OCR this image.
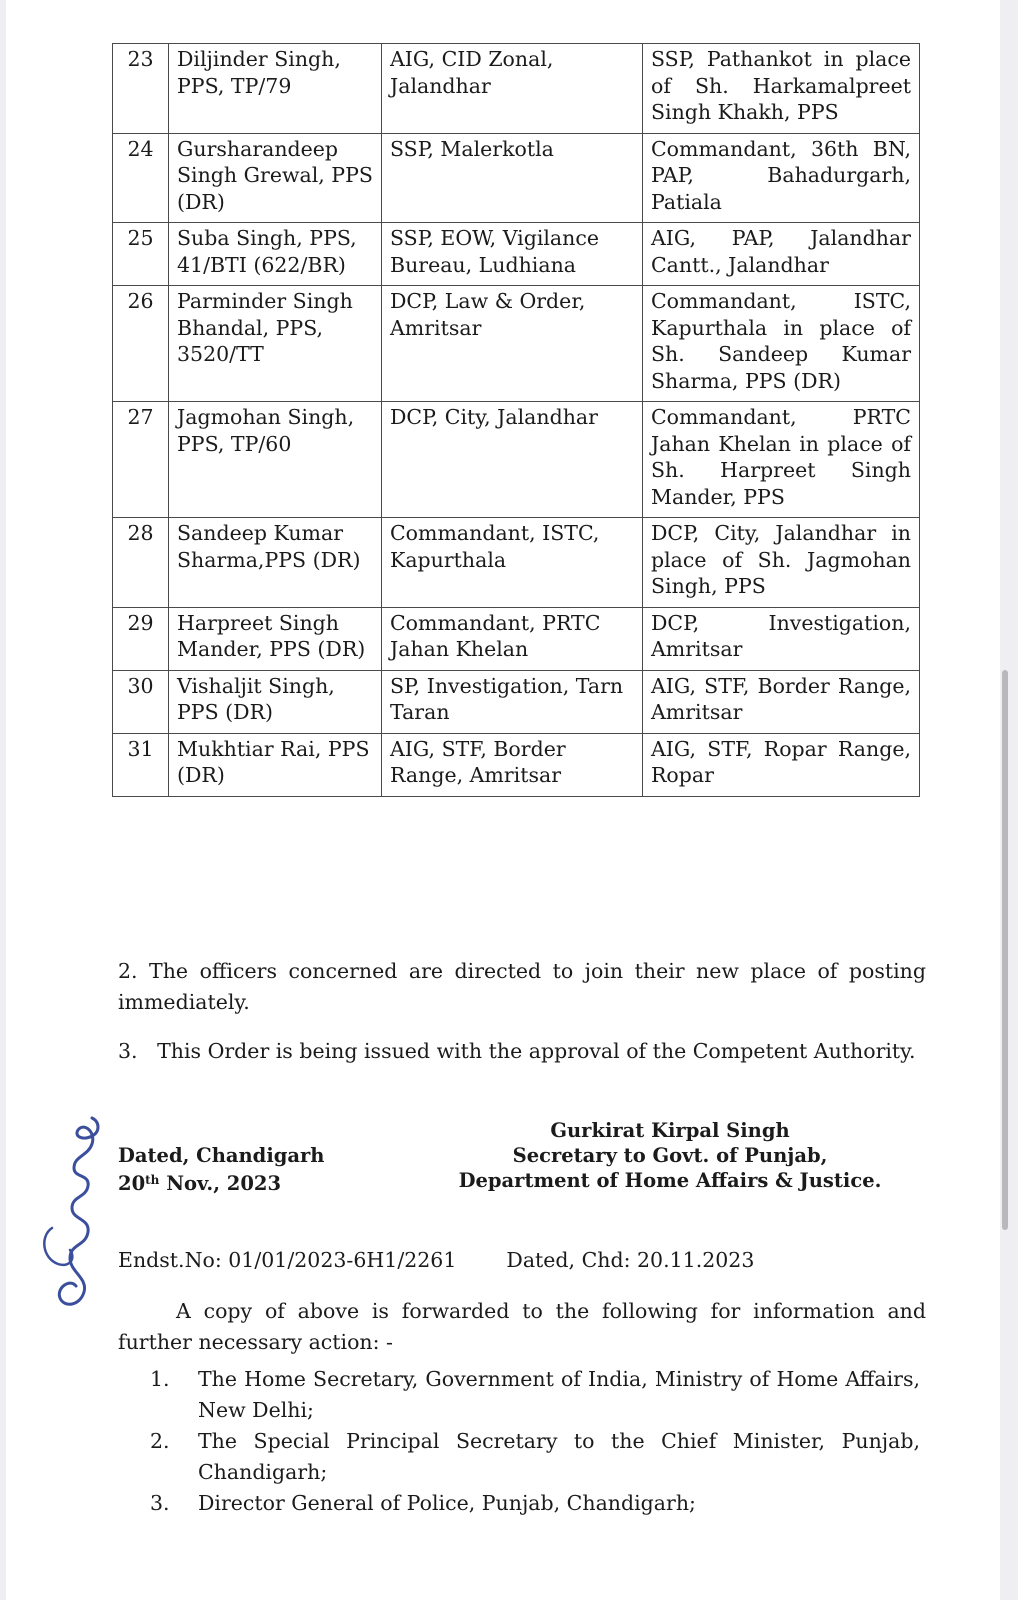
23	Diljinder Singh, PPS, TP/79	AIG, CID Zonal, Jalandhar	SSP, Pathankot in place of Sh. Harkamalpreet Singh Khakh, PPS
24	Gursharandeep Singh Grewal, PPS (DR)	SSP, Malerkotla	Commandant, 36th BN, PAP, Bahadurgarh, Patiala
25	Suba Singh, PPS, 41/BTI (622/BR)	SSP, EOW, Vigilance Bureau, Ludhiana	AIG, PAP, Jalandhar Cantt., Jalandhar
26	Parminder Singh Bhandal, PPS, 3520/TT	DCP, Law & Order, Amritsar	Commandant, ISTC, Kapurthala in place of Sh. Sandeep Kumar Sharma, PPS (DR)
27	Jagmohan Singh, PPS, TP/60	DCP, City, Jalandhar	Commandant, PRTC Jahan Khelan in place of Sh. Harpreet Singh Mander, PPS
28	Sandeep Kumar Sharma,PPS (DR)	Commandant, ISTC, Kapurthala	DCP, City, Jalandhar in place of Sh. Jagmohan Singh, PPS
29	Harpreet Singh Mander, PPS (DR)	Commandant, PRTC Jahan Khelan	DCP, Investigation, Amritsar
30	Vishaljit Singh, PPS (DR)	SP, Investigation, Tarn Taran	AIG, STF, Border Range, Amritsar
31	Mukhtiar Rai, PPS (DR)	AIG, STF, Border Range, Amritsar	AIG, STF, Ropar Range, Ropar
2. The officers concerned are directed to join their new place of posting immediately.
3.   This Order is being issued with the approval of the Competent Authority.
Dated, Chandigarh
20th Nov., 2023
Gurkirat Kirpal Singh
Secretary to Govt. of Punjab,
Department of Home Affairs & Justice.
Endst.No: 01/01/2023-6H1/2261 Dated, Chd: 20.11.2023
A copy of above is forwarded to the following for information and further necessary action: -
1. The Home Secretary, Government of India, Ministry of Home Affairs, New Delhi;
2. The Special Principal Secretary to the Chief Minister, Punjab, Chandigarh;
3. Director General of Police, Punjab, Chandigarh;
